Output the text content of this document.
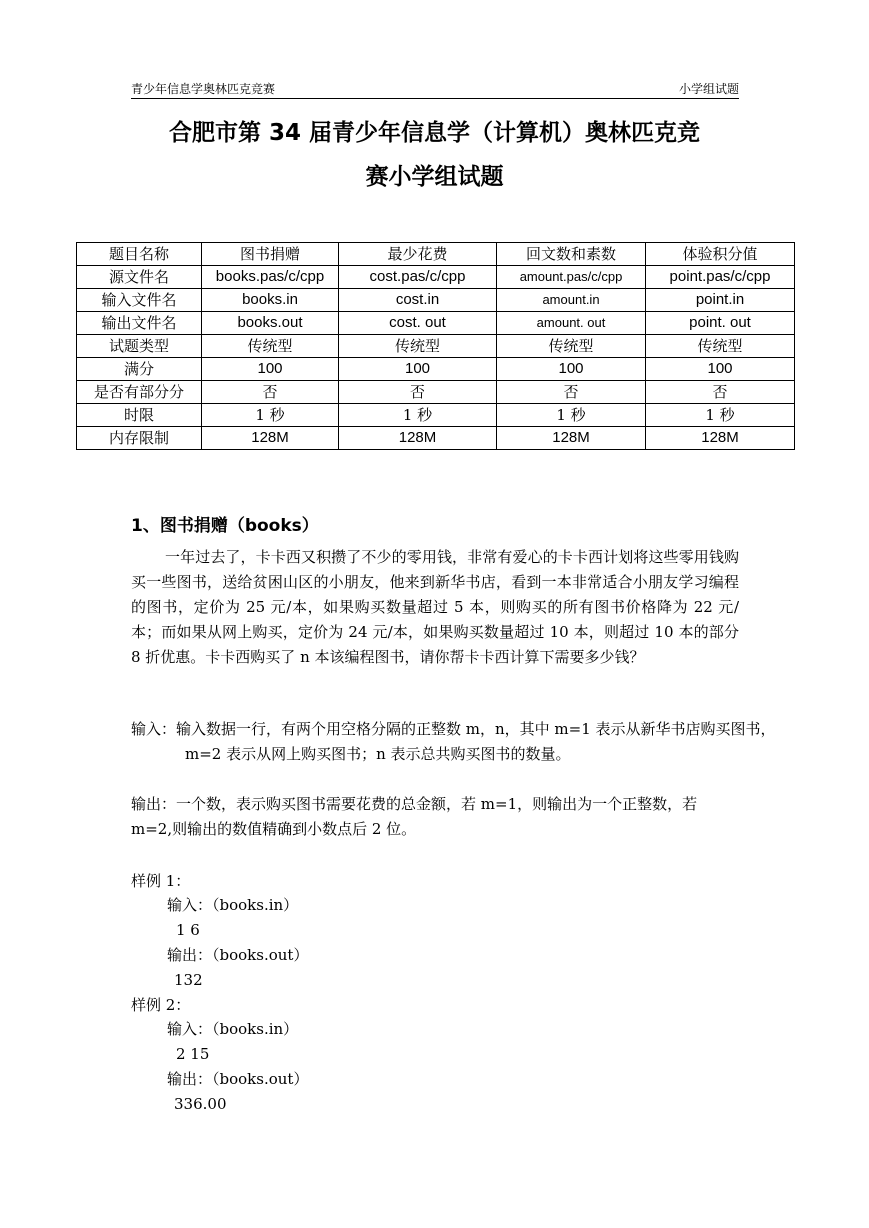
青少年信息学奥林匹克竞赛	小学组试题
合肥市第 34 届青少年信息学（计算机）奥林匹克竞
赛小学组试题
题目名称	图书捐赠	最少花费	回文数和素数	体验积分值
源文件名	books.pas/c/cpp	cost.pas/c/cpp	amount.pas/c/cpp	point.pas/c/cpp
输入文件名	books.in	cost.in	amount.in	point.in
输出文件名	books.out	cost. out	amount. out	point. out
试题类型	传统型	传统型	传统型	传统型
满分	100	100	100	100
是否有部分分	否	否	否	否
时限	1 秒	1 秒	1 秒	1 秒
内存限制	128M	128M	128M	128M
1、图书捐赠（books）
一年过去了，卡卡西又积攒了不少的零用钱，非常有爱心的卡卡西计划将这些零用钱购买一些图书，送给贫困山区的小朋友，他来到新华书店，看到一本非常适合小朋友学习编程的图书，定价为 25 元/本，如果购买数量超过 5 本，则购买的所有图书价格降为 22 元/本；而如果从网上购买，定价为 24 元/本，如果购买数量超过 10 本，则超过 10 本的部分 8 折优惠。卡卡西购买了 n 本该编程图书，请你帮卡卡西计算下需要多少钱？
输入：输入数据一行，有两个用空格分隔的正整数 m，n，其中 m=1 表示从新华书店购买图书，m=2 表示从网上购买图书；n 表示总共购买图书的数量。
输出：一个数，表示购买图书需要花费的总金额，若 m=1，则输出为一个正整数，若 m=2,则输出的数值精确到小数点后 2 位。
样例 1：
输入：（books.in）
1 6
输出：（books.out）
132
样例 2：
输入：（books.in）
2 15
输出：（books.out）
336.00
